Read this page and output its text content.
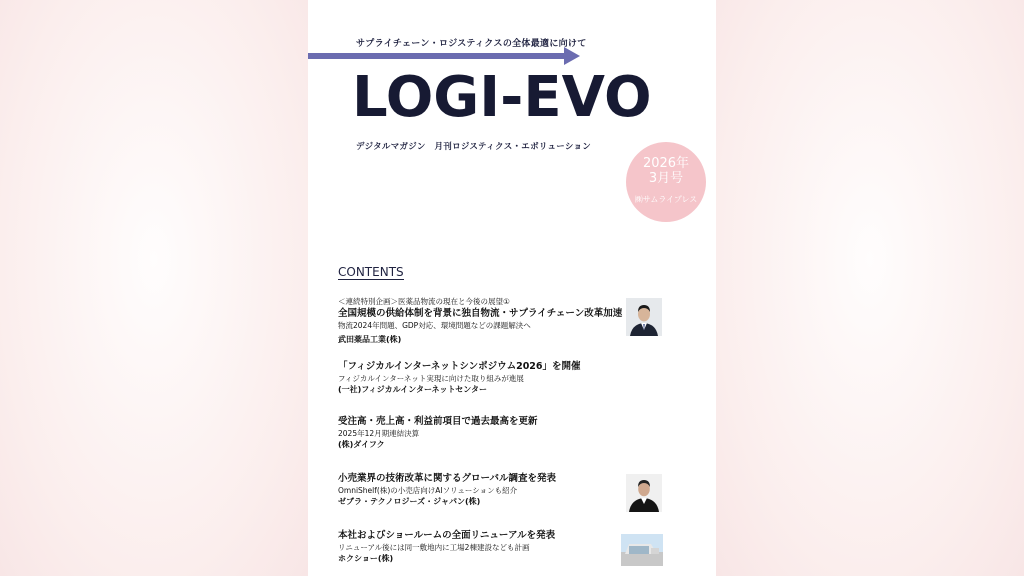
サプライチェーン・ロジスティクスの全体最適に向けて
LOGI-EVO
デジタルマガジン　月刊ロジスティクス・エボリューション
2026年
3月号
㈱サムライプレス
CONTENTS
＜連続特別企画＞医薬品物流の現在と今後の展望①
全国規模の供給体制を背景に独自物流・サプライチェーン改革加速
物流2024年問題、GDP対応、環境問題などの課題解決へ
武田薬品工業(株)
「フィジカルインターネットシンポジウム2026」を開催
フィジカルインターネット実現に向けた取り組みが進展
(一社)フィジカルインターネットセンター
受注高・売上高・利益前項目で過去最高を更新
2025年12月期連結決算
(株)ダイフク
小売業界の技術改革に関するグローバル調査を発表
OmniShelf(株)の小売店向けAIソリューションも紹介
ゼブラ・テクノロジーズ・ジャパン(株)
本社およびショールームの全面リニューアルを発表
リニューアル後には同一敷地内に工場2棟建設なども計画
ホクショー(株)
